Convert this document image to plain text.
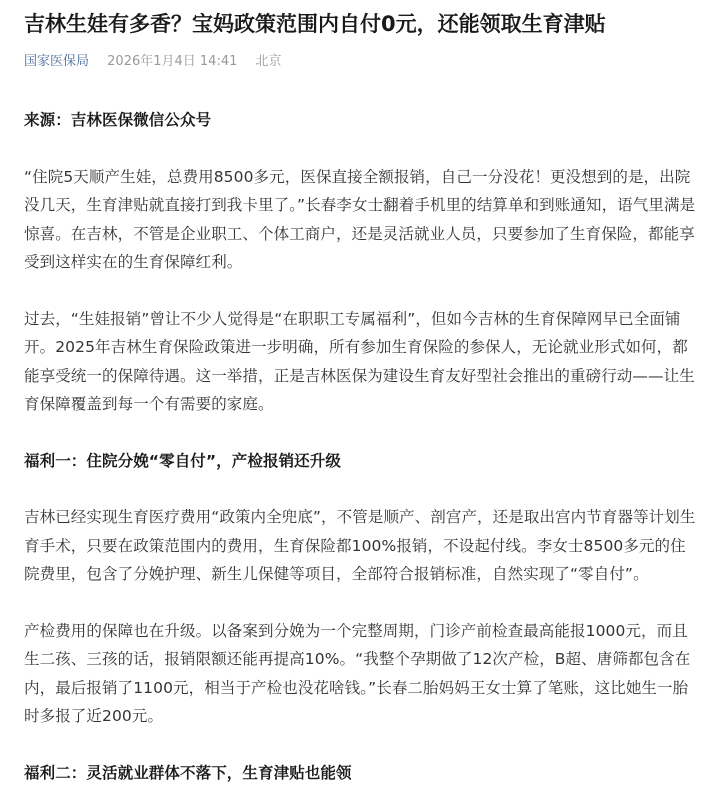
吉林生娃有多香？宝妈政策范围内自付0元，还能领取生育津贴
国家医保局 2026年1月4日 14:41 北京

来源：吉林医保微信公众号

“住院5天顺产生娃，总费用8500多元，医保直接全额报销，自己一分没花！更没想到的是，出院没几天，生育津贴就直接打到我卡里了。”长春李女士翻着手机里的结算单和到账通知，语气里满是惊喜。在吉林，不管是企业职工、个体工商户，还是灵活就业人员，只要参加了生育保险，都能享受到这样实在的生育保障红利。

过去，“生娃报销”曾让不少人觉得是“在职职工专属福利”，但如今吉林的生育保障网早已全面铺开。2025年吉林生育保险政策进一步明确，所有参加生育保险的参保人，无论就业形式如何，都能享受统一的保障待遇。这一举措，正是吉林医保为建设生育友好型社会推出的重磅行动——让生育保障覆盖到每一个有需要的家庭。

福利一：住院分娩“零自付”，产检报销还升级

吉林已经实现生育医疗费用“政策内全兜底”，不管是顺产、剖宫产，还是取出宫内节育器等计划生育手术，只要在政策范围内的费用，生育保险都100%报销，不设起付线。李女士8500多元的住院费里，包含了分娩护理、新生儿保健等项目，全部符合报销标准，自然实现了“零自付”。

产检费用的保障也在升级。以备案到分娩为一个完整周期，门诊产前检查最高能报1000元，而且生二孩、三孩的话，报销限额还能再提高10%。“我整个孕期做了12次产检，B超、唐筛都包含在内，最后报销了1100元，相当于产检也没花啥钱。”长春二胎妈妈王女士算了笔账，这比她生一胎时多报了近200元。

福利二：灵活就业群体不落下，生育津贴也能领
